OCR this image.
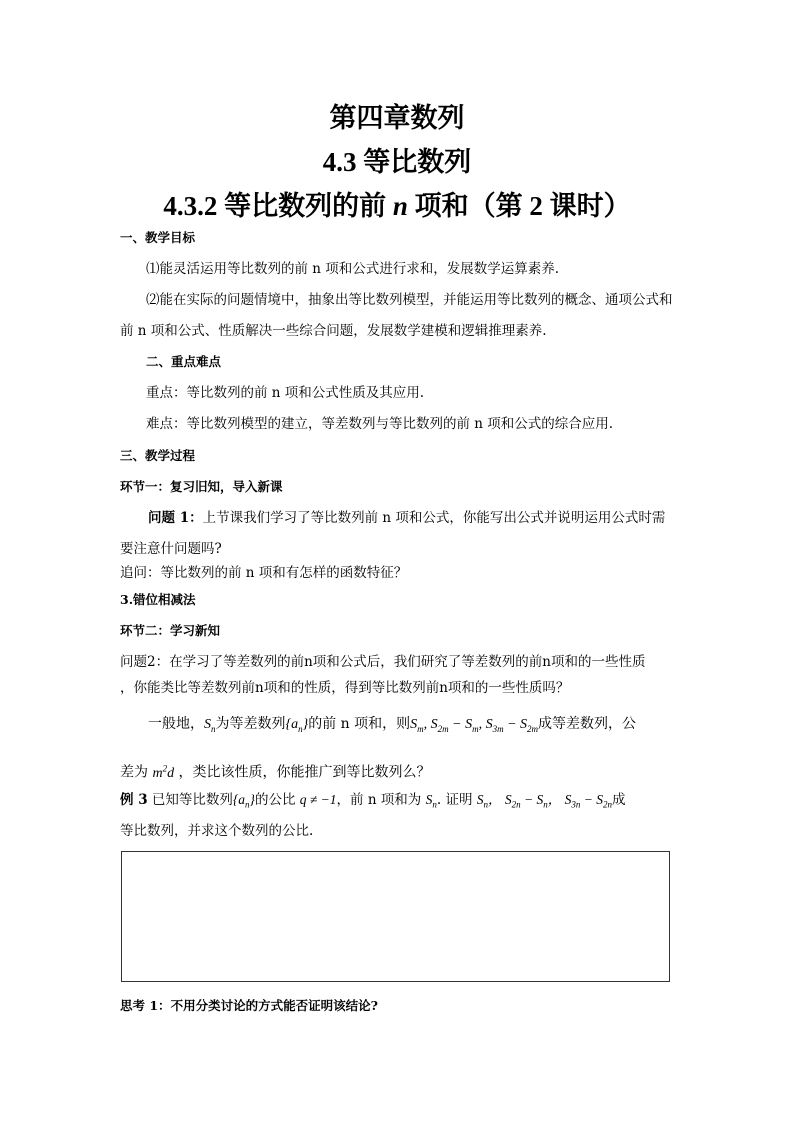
第四章数列
4.3 等比数列
4.3.2 等比数列的前 n 项和（第 2 课时）
一、教学目标
⑴能灵活运用等比数列的前 n 项和公式进行求和，发展数学运算素养.
⑵能在实际的问题情境中，抽象出等比数列模型，并能运用等比数列的概念、通项公式和
前 n 项和公式、性质解决一些综合问题，发展数学建模和逻辑推理素养.
二、重点难点
重点：等比数列的前 n 项和公式性质及其应用.
难点：等比数列模型的建立，等差数列与等比数列的前 n 项和公式的综合应用.
三、教学过程
环节一：复习旧知，导入新课
问题 1：上节课我们学习了等比数列前 n 项和公式，你能写出公式并说明运用公式时需
要注意什问题吗?
追问：等比数列的前 n 项和有怎样的函数特征？
3.错位相减法
环节二：学习新知
问题2：在学习了等差数列的前n项和公式后，我们研究了等差数列的前n项和的一些性质
，你能类比等差数列前n项和的性质，得到等比数列前n项和的一些性质吗？
一般地，$S_n$为等差数列$\{a_n\}$的前 n 项和，则$S_m$, $S_{2m} - S_m$, $S_{3m} - S_{2m}$成等差数列，公
差为 $m^2d$ ，类比该性质，你能推广到等比数列么？
例 3 已知等比数列$\{a_n\}$的公比 q ≠ −1，前 n 项和为 $S_n$. 证明 $S_n$， $S_{2n} - S_n$， $S_{3n} - S_{2n}$成
等比数列，并求这个数列的公比.
思考 1：不用分类讨论的方式能否证明该结论?
